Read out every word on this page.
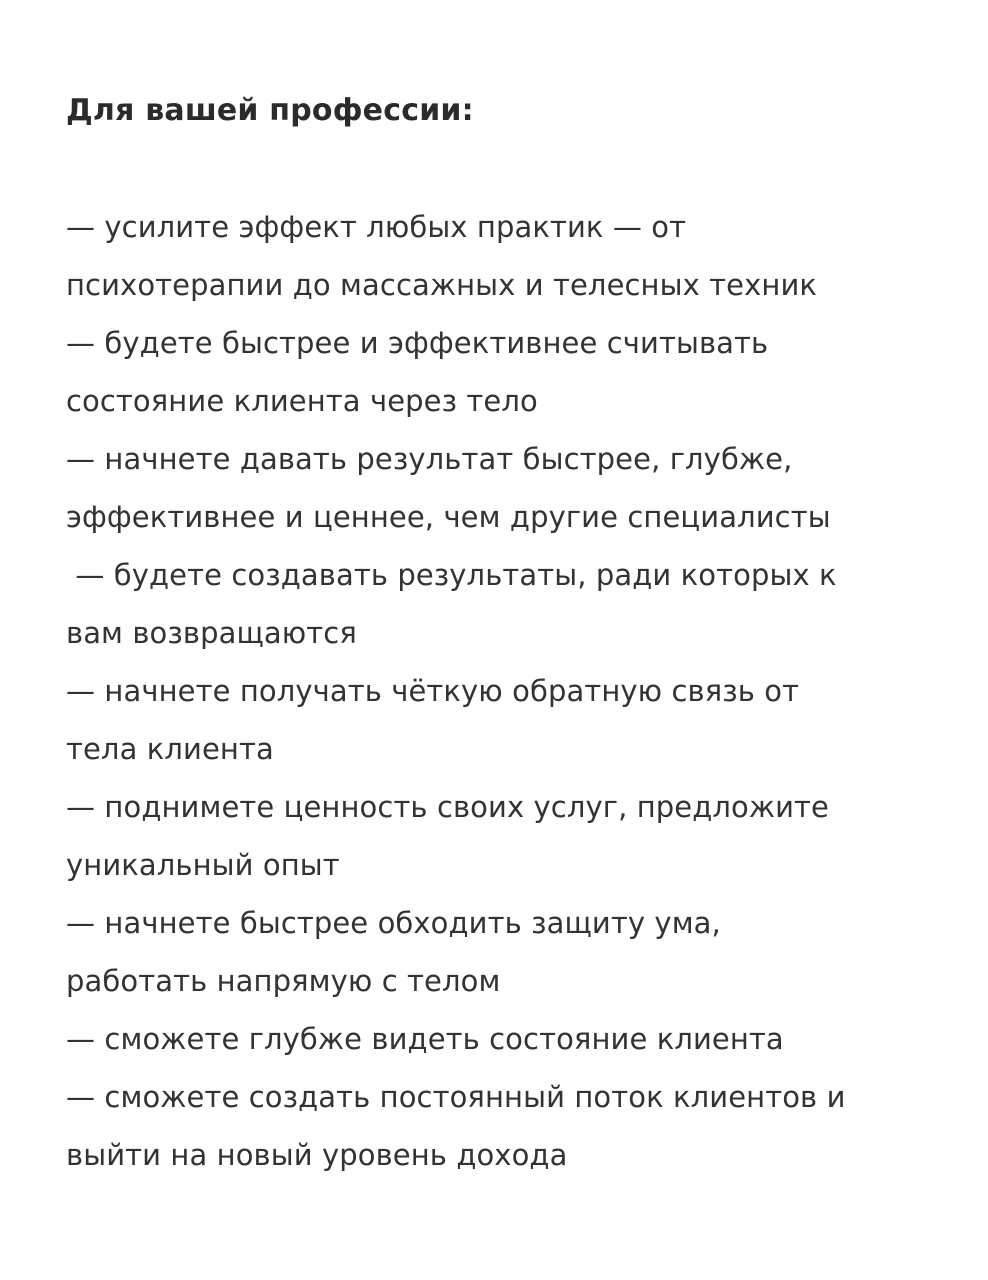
Для вашей профессии:

— усилите эффект любых практик — от

психотерапии до массажных и телесных техник

— будете быстрее и эффективнее считывать

состояние клиента через тело

— начнете давать результат быстрее, глубже,

эффективнее и ценнее, чем другие специалисты

— будете создавать результаты, ради которых к

вам возвращаются

— начнете получать чёткую обратную связь от

тела клиента

— поднимете ценность своих услуг, предложите

уникальный опыт

— начнете быстрее обходить защиту ума,

работать напрямую с телом

— сможете глубже видеть состояние клиента

— сможете создать постоянный поток клиентов и

выйти на новый уровень дохода
